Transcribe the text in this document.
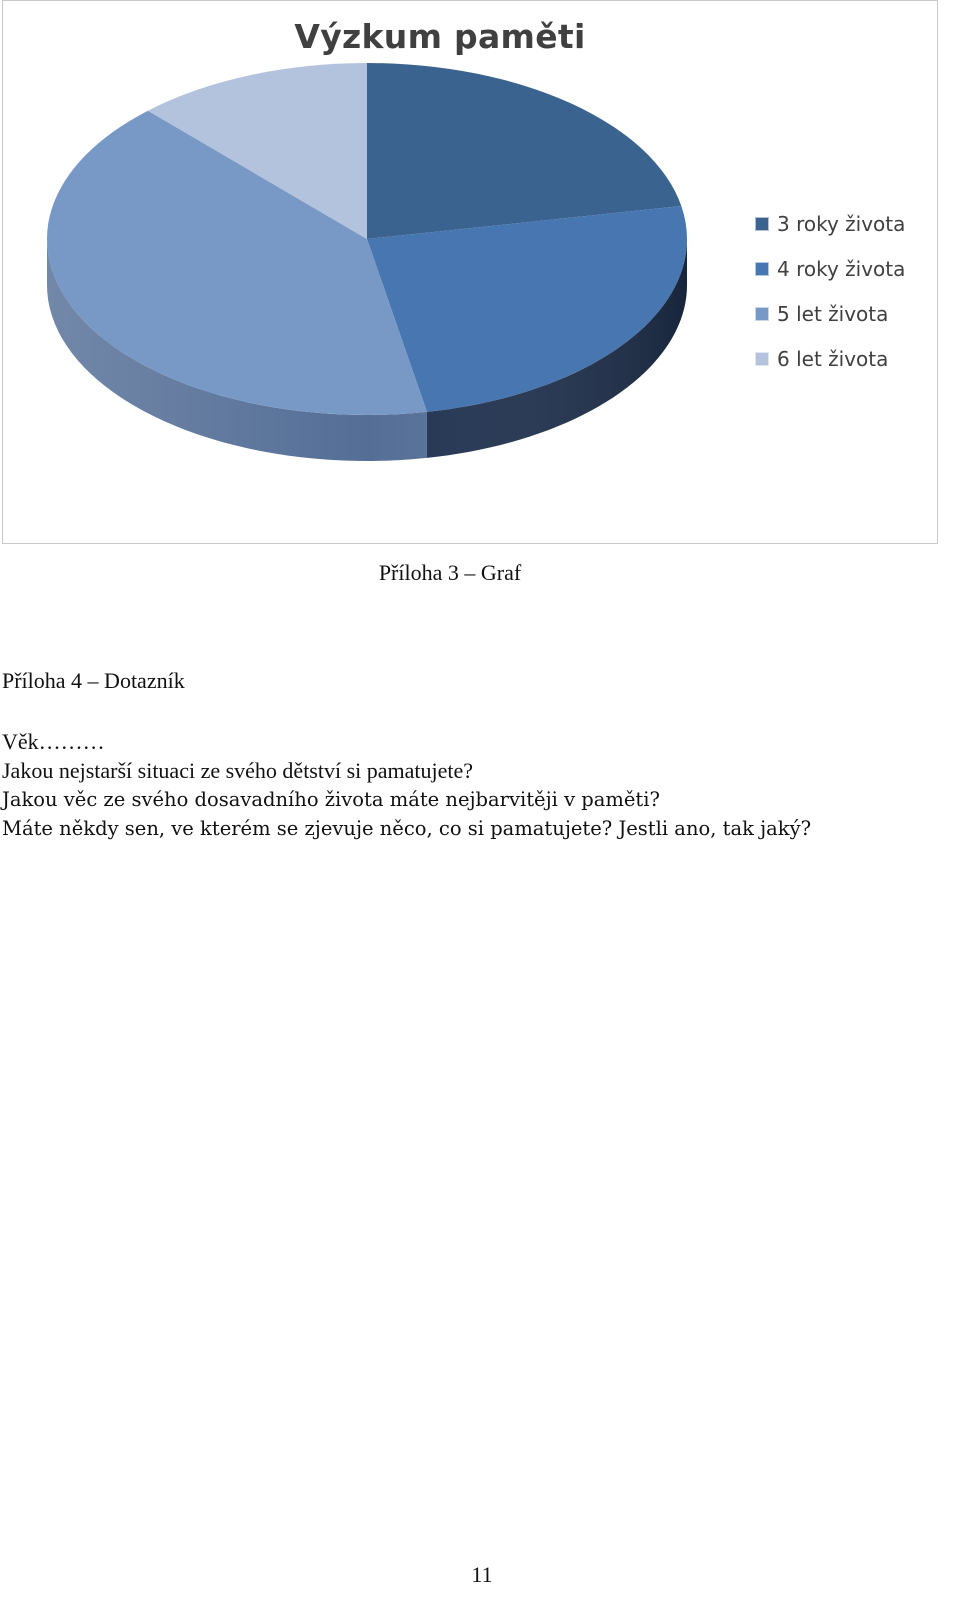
Výzkum paměti
3 roky života
4 roky života
5 let života
6 let života
Příloha 3 – Graf
Příloha 4 – Dotazník
Věk………
Jakou nejstarší situaci ze svého dětství si pamatujete?
Jakou věc ze svého dosavadního života máte nejbarvitěji v paměti?
Máte někdy sen, ve kterém se zjevuje něco, co si pamatujete? Jestli ano, tak jaký?
11
